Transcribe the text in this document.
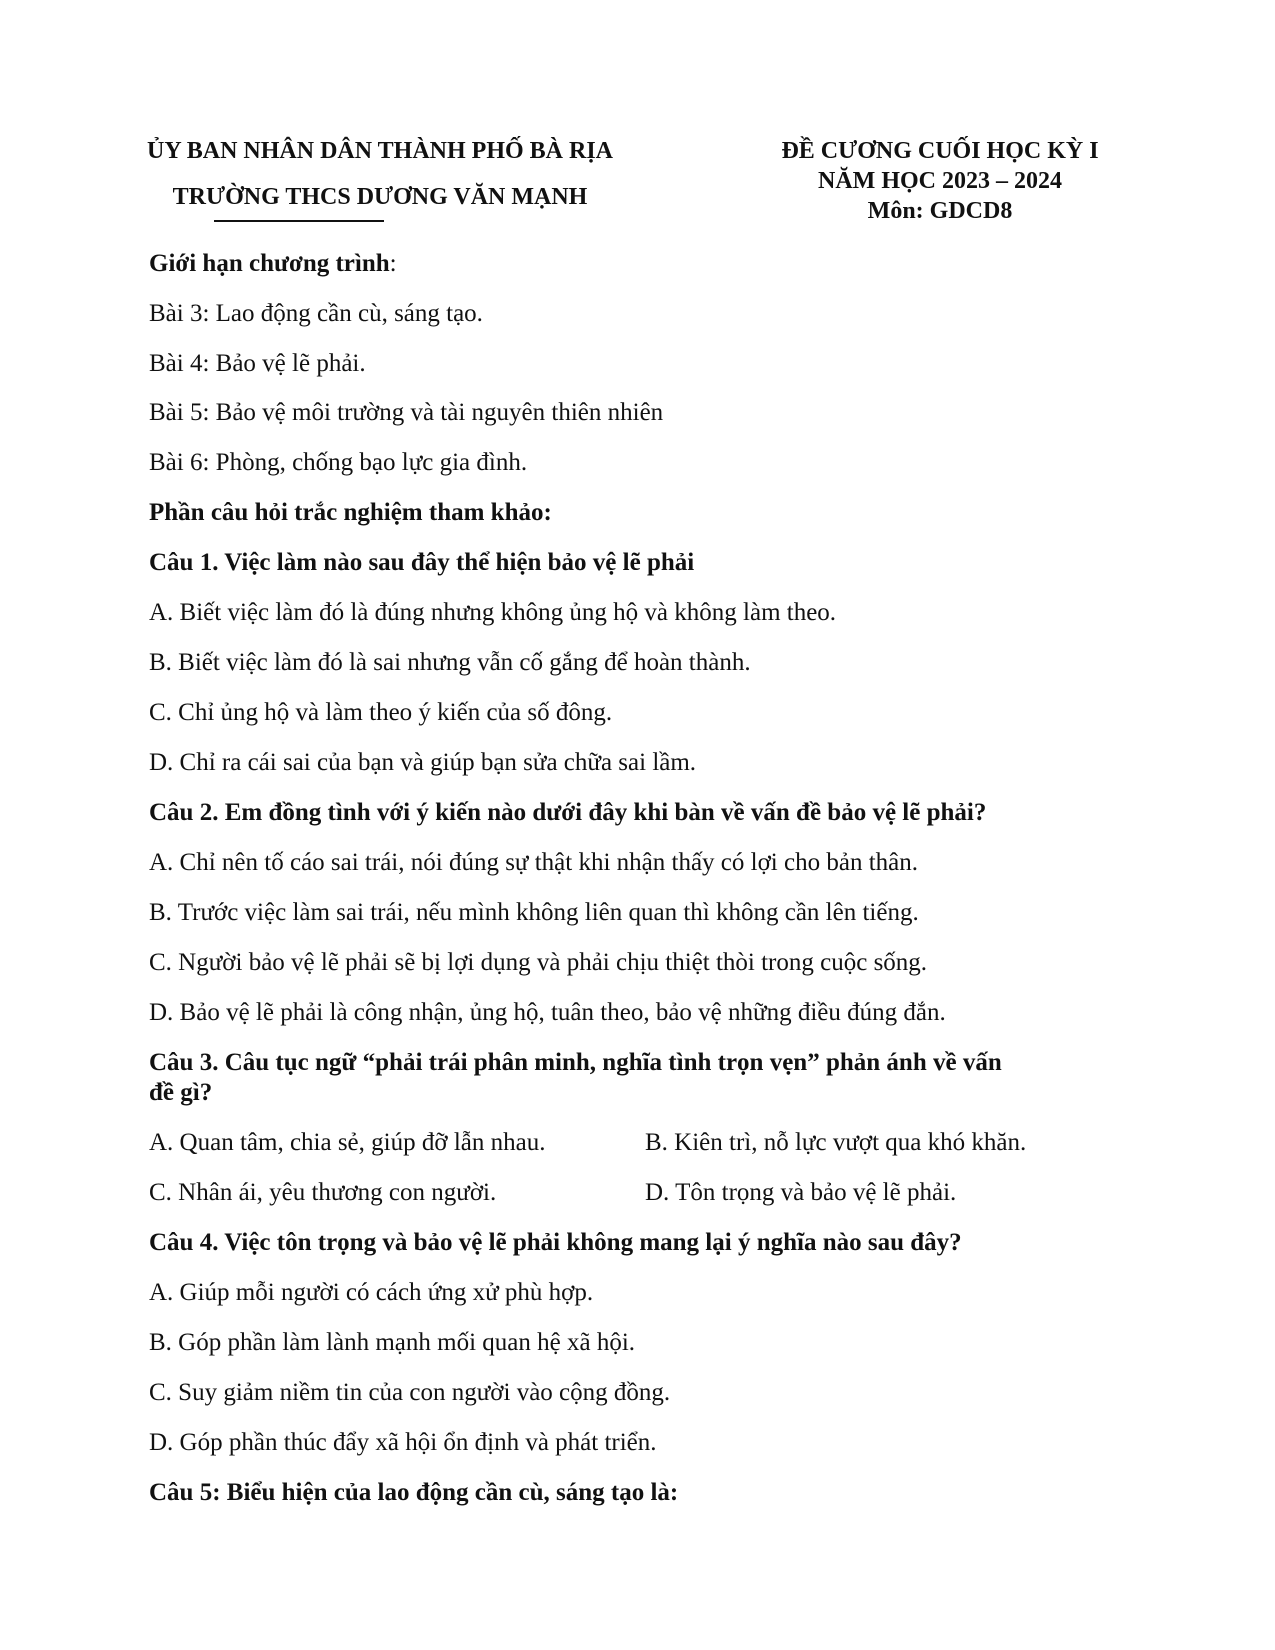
ỦY BAN NHÂN DÂN THÀNH PHỐ BÀ RỊA
TRƯỜNG THCS DƯƠNG VĂN MẠNH
ĐỀ CƯƠNG CUỐI HỌC KỲ I
NĂM HỌC 2023 – 2024
Môn: GDCD8
Giới hạn chương trình:
Bài 3: Lao động cần cù, sáng tạo.
Bài 4: Bảo vệ lẽ phải.
Bài 5: Bảo vệ môi trường và tài nguyên thiên nhiên
Bài 6: Phòng, chống bạo lực gia đình.
Phần câu hỏi trắc nghiệm tham khảo:
Câu 1. Việc làm nào sau đây thể hiện bảo vệ lẽ phải
A. Biết việc làm đó là đúng nhưng không ủng hộ và không làm theo.
B. Biết việc làm đó là sai nhưng vẫn cố gắng để hoàn thành.
C. Chỉ ủng hộ và làm theo ý kiến của số đông.
D. Chỉ ra cái sai của bạn và giúp bạn sửa chữa sai lầm.
Câu 2. Em đồng tình với ý kiến nào dưới đây khi bàn về vấn đề bảo vệ lẽ phải?
A. Chỉ nên tố cáo sai trái, nói đúng sự thật khi nhận thấy có lợi cho bản thân.
B. Trước việc làm sai trái, nếu mình không liên quan thì không cần lên tiếng.
C. Người bảo vệ lẽ phải sẽ bị lợi dụng và phải chịu thiệt thòi trong cuộc sống.
D. Bảo vệ lẽ phải là công nhận, ủng hộ, tuân theo, bảo vệ những điều đúng đắn.
Câu 3. Câu tục ngữ “phải trái phân minh, nghĩa tình trọn vẹn” phản ánh về vấn
đề gì?
A. Quan tâm, chia sẻ, giúp đỡ lẫn nhau.	B. Kiên trì, nỗ lực vượt qua khó khăn.
C. Nhân ái, yêu thương con người.	D. Tôn trọng và bảo vệ lẽ phải.
Câu 4. Việc tôn trọng và bảo vệ lẽ phải không mang lại ý nghĩa nào sau đây?
A. Giúp mỗi người có cách ứng xử phù hợp.
B. Góp phần làm lành mạnh mối quan hệ xã hội.
C. Suy giảm niềm tin của con người vào cộng đồng.
D. Góp phần thúc đẩy xã hội ổn định và phát triển.
Câu 5: Biểu hiện của lao động cần cù, sáng tạo là:
